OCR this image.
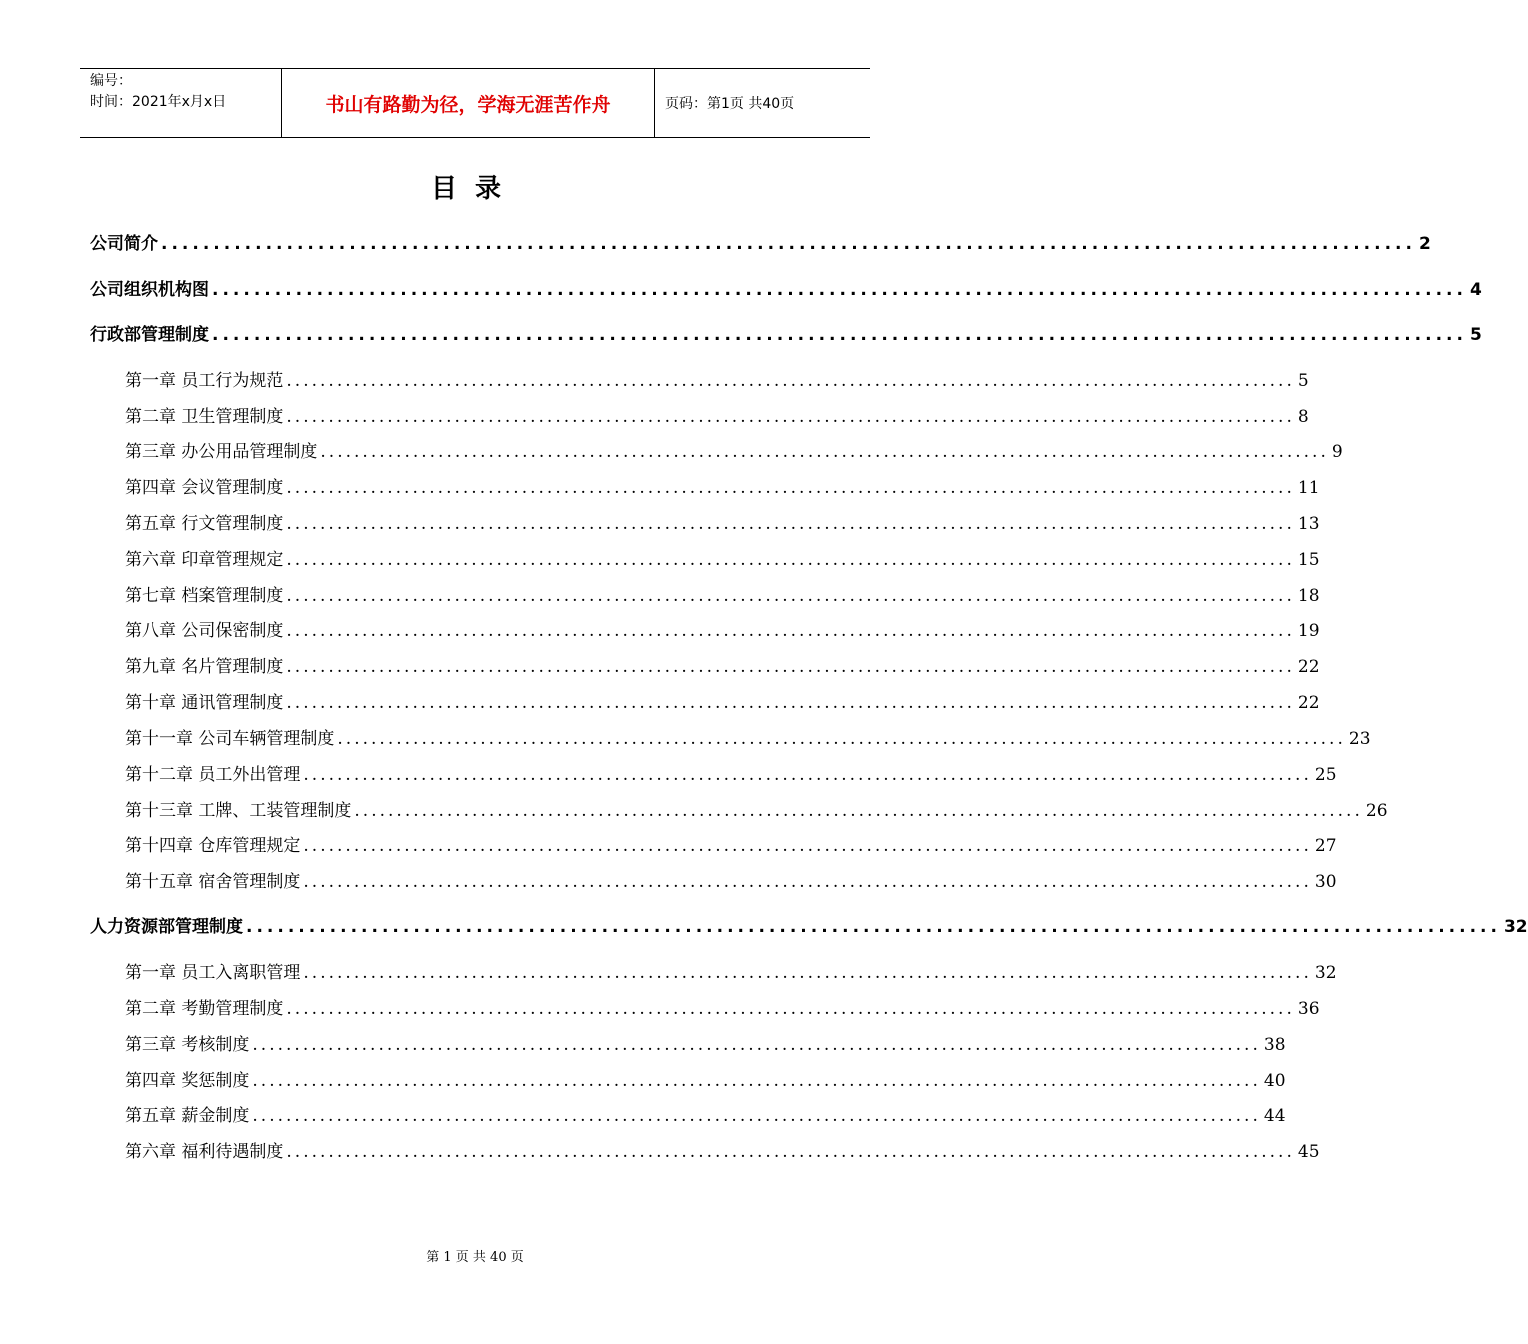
编号：
时间：2021年x月x日	书山有路勤为径，学海无涯苦作舟	页码：第1页 共40页
目录
公司简介 ........................................................................................................................ 2
公司组织机构图 ........................................................................................................................ 4
行政部管理制度 ........................................................................................................................ 5
第一章 员工行为规范 ........................................................................................................................ 5
第二章 卫生管理制度 ........................................................................................................................ 8
第三章 办公用品管理制度 ........................................................................................................................ 9
第四章 会议管理制度 ........................................................................................................................ 11
第五章 行文管理制度 ........................................................................................................................ 13
第六章 印章管理规定 ........................................................................................................................ 15
第七章 档案管理制度 ........................................................................................................................ 18
第八章 公司保密制度 ........................................................................................................................ 19
第九章 名片管理制度 ........................................................................................................................ 22
第十章 通讯管理制度 ........................................................................................................................ 22
第十一章 公司车辆管理制度 ........................................................................................................................ 23
第十二章 员工外出管理 ........................................................................................................................ 25
第十三章 工牌、工装管理制度 ........................................................................................................................ 26
第十四章 仓库管理规定 ........................................................................................................................ 27
第十五章 宿舍管理制度 ........................................................................................................................ 30
人力资源部管理制度 ........................................................................................................................ 32
第一章 员工入离职管理 ........................................................................................................................ 32
第二章 考勤管理制度 ........................................................................................................................ 36
第三章 考核制度 ........................................................................................................................ 38
第四章 奖惩制度 ........................................................................................................................ 40
第五章 薪金制度 ........................................................................................................................ 44
第六章 福利待遇制度 ........................................................................................................................ 45
第 1 页 共 40 页
